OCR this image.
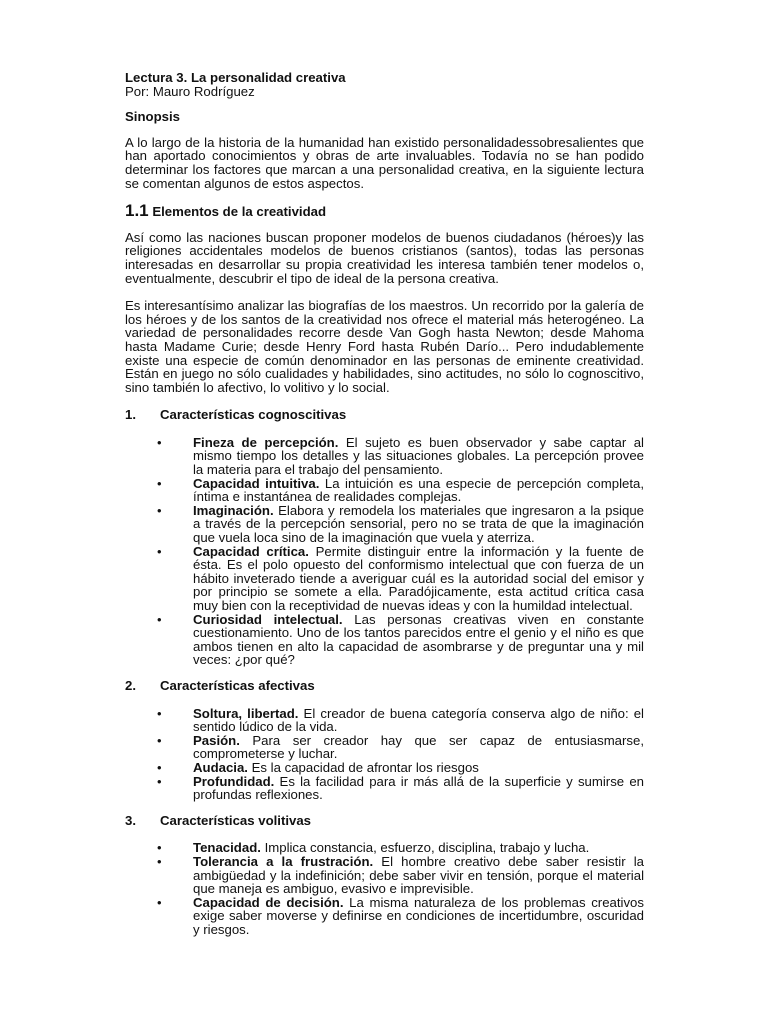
Lectura 3. La personalidad creativa

Por: Mauro Rodríguez

Sinopsis

A lo largo de la historia de la humanidad han existido personalidadessobresalientes que han aportado conocimientos y obras de arte invaluables. Todavía no se han podido determinar los factores que marcan a una personalidad creativa, en la siguiente lectura se comentan algunos de estos aspectos.

1.1 Elementos de la creatividad

Así como las naciones buscan proponer modelos de buenos ciudadanos (héroes)y las religiones accidentales modelos de buenos cristianos (santos), todas las personas interesadas en desarrollar su propia creatividad les interesa también tener modelos o, eventualmente, descubrir el tipo de ideal de la persona creativa.

Es interesantísimo analizar las biografías de los maestros. Un recorrido por la galería de los héroes y de los santos de la creatividad nos ofrece el material más heterogéneo. La variedad de personalidades recorre desde Van Gogh hasta Newton; desde Mahoma hasta Madame Curie; desde Henry Ford hasta Rubén Darío... Pero indudablemente existe una especie de común denominador en las personas de eminente creatividad. Están en juego no sólo cualidades y habilidades, sino actitudes, no sólo lo cognoscitivo, sino también lo afectivo, lo volitivo y lo social.

1.	Características cognoscitivas
•	Fineza de percepción. El sujeto es buen observador y sabe captar al mismo tiempo los detalles y las situaciones globales. La percepción provee la materia para el trabajo del pensamiento.
•	Capacidad intuitiva. La intuición es una especie de percepción completa, íntima e instantánea de realidades complejas.
•	Imaginación. Elabora y remodela los materiales que ingresaron a la psique a través de la percepción sensorial, pero no se trata de que la imaginación que vuela loca sino de la imaginación que vuela y aterriza.
•	Capacidad crítica. Permite distinguir entre la información y la fuente de ésta. Es el polo opuesto del conformismo intelectual que con fuerza de un hábito inveterado tiende a averiguar cuál es la autoridad social del emisor y por principio se somete a ella. Paradójicamente, esta actitud crítica casa muy bien con la receptividad de nuevas ideas y con la humildad intelectual.
•	Curiosidad intelectual. Las personas creativas viven en constante cuestionamiento. Uno de los tantos parecidos entre el genio y el niño es que ambos tienen en alto la capacidad de asombrarse y de preguntar una y mil veces: ¿por qué?
2.	Características afectivas
•	Soltura, libertad. El creador de buena categoría conserva algo de niño: el sentido lúdico de la vida.
•	Pasión. Para ser creador hay que ser capaz de entusiasmarse, comprometerse y luchar.
•	Audacia. Es la capacidad de afrontar los riesgos
•	Profundidad. Es la facilidad para ir más allá de la superficie y sumirse en profundas reflexiones.
3.	Características volitivas
•	Tenacidad. Implica constancia, esfuerzo, disciplina, trabajo y lucha.
•	Tolerancia a la frustración. El hombre creativo debe saber resistir la ambigüedad y la indefinición; debe saber vivir en tensión, porque el material que maneja es ambiguo, evasivo e imprevisible.
•	Capacidad de decisión. La misma naturaleza de los problemas creativos exige saber moverse y definirse en condiciones de incertidumbre, oscuridad y riesgos.
